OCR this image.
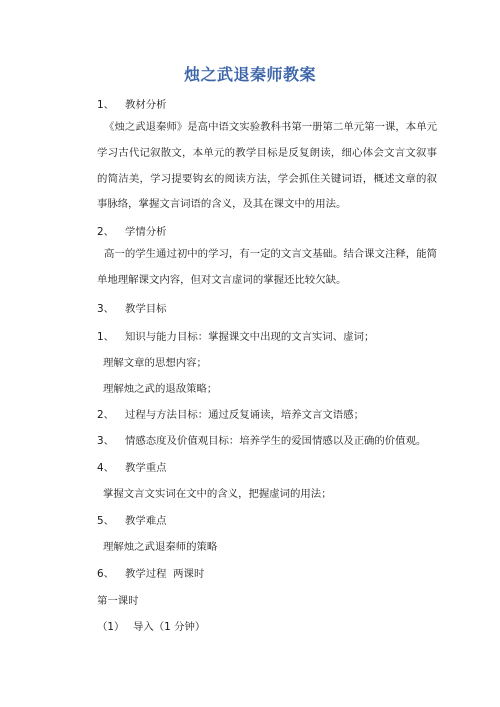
烛之武退秦师教案
1、 教材分析
《烛之武退秦师》是高中语文实验教科书第一册第二单元第一课，本单元学习古代记叙散文，本单元的教学目标是反复朗读，细心体会文言文叙事的简洁美，学习提要钩玄的阅读方法，学会抓住关键词语，概述文章的叙事脉络，掌握文言词语的含义，及其在课文中的用法。
2、 学情分析
高一的学生通过初中的学习，有一定的文言文基础。结合课文注释，能简单地理解课文内容，但对文言虚词的掌握还比较欠缺。
3、 教学目标
1、 知识与能力目标：掌握课文中出现的文言实词、虚词；
理解文章的思想内容；
理解烛之武的退敌策略；
2、 过程与方法目标：通过反复诵读，培养文言文语感；
3、 情感态度及价值观目标：培养学生的爱国情感以及正确的价值观。
4、 教学重点
掌握文言文实词在文中的含义，把握虚词的用法；
5、 教学难点
理解烛之武退秦师的策略
6、 教学过程  两课时
第一课时
（1） 导入（1 分钟）
